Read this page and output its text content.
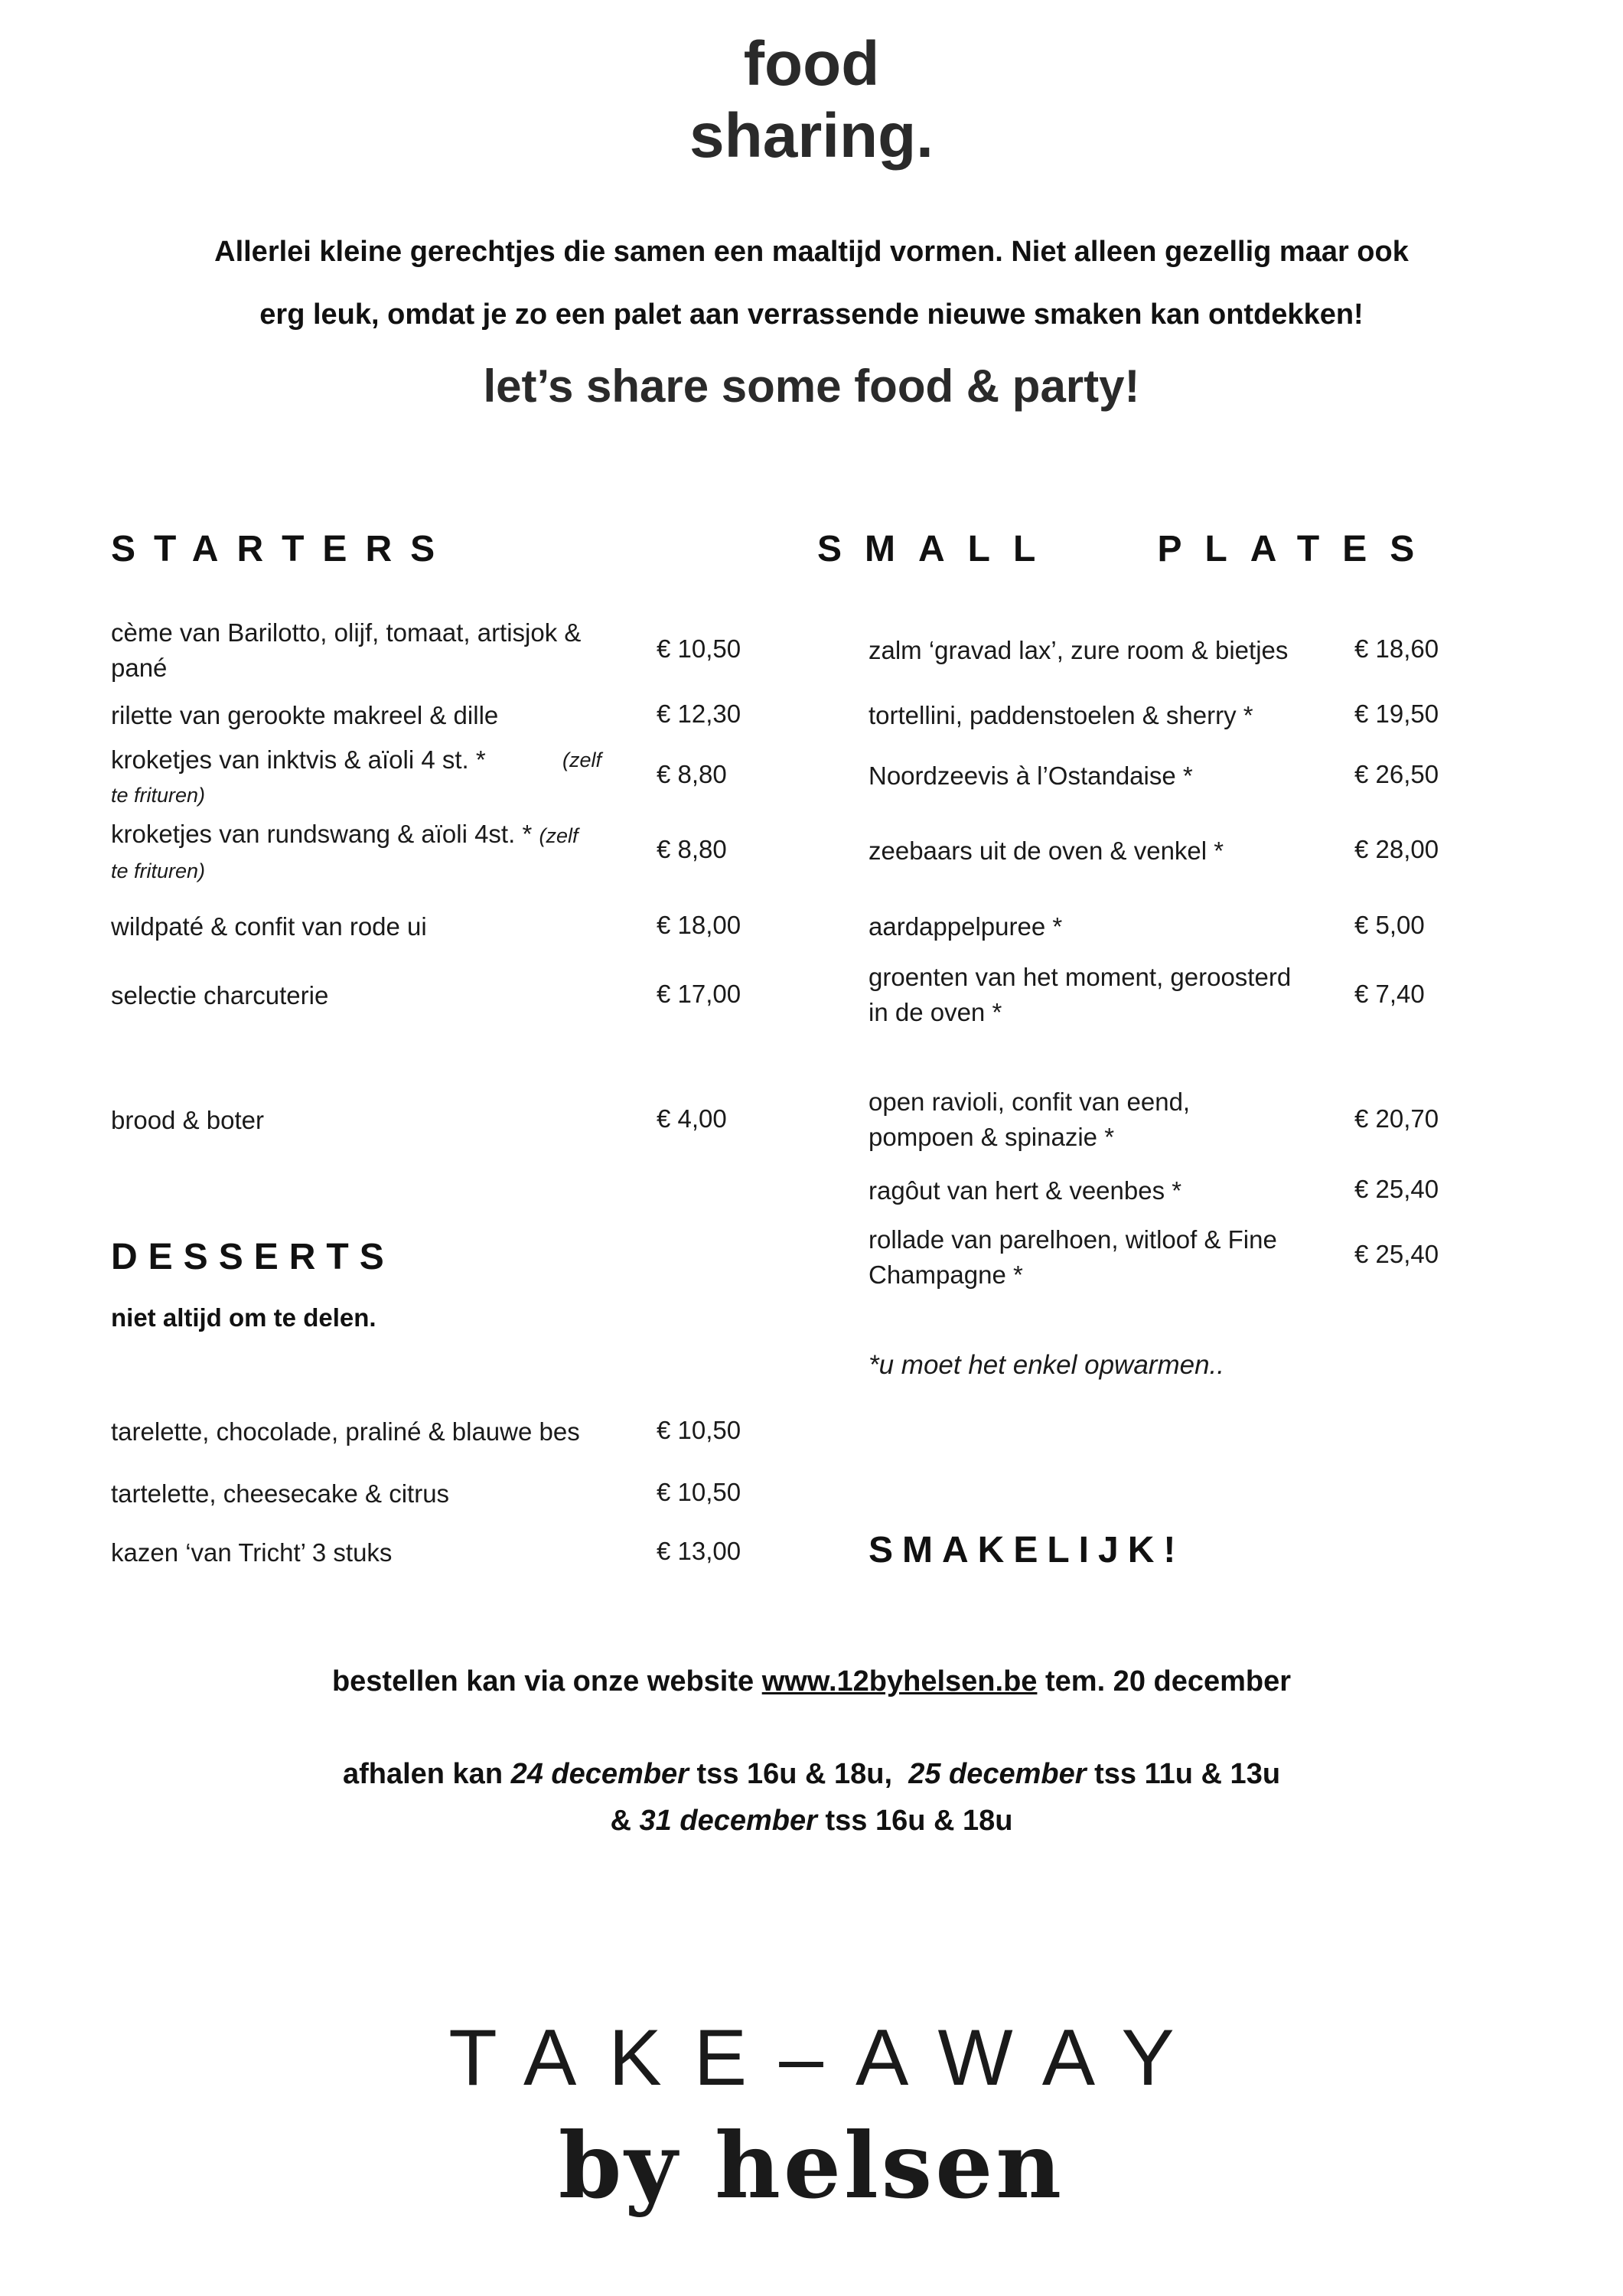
food
sharing.
Allerlei kleine gerechtjes die samen een maaltijd vormen. Niet alleen gezellig maar ook
erg leuk, omdat je zo een palet aan verrassende nieuwe smaken kan ontdekken!
let’s share some food & party!
STARTERS	SMALL   PLATES
cème van Barilotto, olijf, tomaat, artisjok &
pané
€ 10,50
rilette van gerookte makreel & dille	€ 12,30
kroketjes van inktvis & aïoli 4 st. *	(zelf
te frituren)
€ 8,80
kroketjes van rundswang & aïoli 4st. * (zelf
te frituren)
€ 8,80
wildpaté & confit van rode ui	€ 18,00
selectie charcuterie	€ 17,00
brood & boter	€ 4,00
DESSERTS
niet altijd om te delen.
tarelette, chocolade, praliné & blauwe bes	€ 10,50
tartelette, cheesecake & citrus	€ 10,50
kazen ‘van Tricht’ 3 stuks	€ 13,00
zalm ‘gravad lax’, zure room & bietjes	€ 18,60
tortellini, paddenstoelen & sherry *	€ 19,50
Noordzeevis à l’Ostandaise *	€ 26,50
zeebaars uit de oven & venkel *	€ 28,00
aardappelpuree *	€ 5,00
groenten van het moment, geroosterd
in de oven *
€ 7,40
open ravioli, confit van eend,
pompoen & spinazie *
€ 20,70
ragôut van hert & veenbes *	€ 25,40
rollade van parelhoen, witloof & Fine
Champagne *
€ 25,40
*u moet het enkel opwarmen..
SMAKELIJK!
bestellen kan via onze website www.12byhelsen.be tem. 20 december
afhalen kan 24 december tss 16u & 18u,  25 december tss 11u & 13u
& 31 december tss 16u & 18u
TAKE–AWAY
by helsen
